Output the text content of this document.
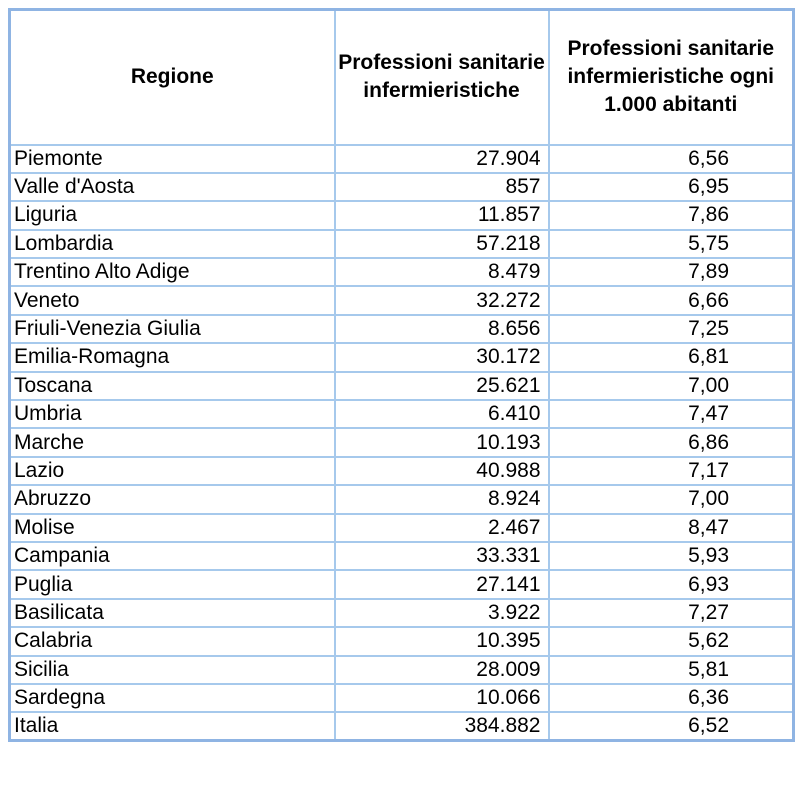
Regione	Professioni sanitarie infermieristiche	Professioni sanitarie infermieristiche ogni 1.000 abitanti
Piemonte	27.904	6,56
Valle d'Aosta	857	6,95
Liguria	11.857	7,86
Lombardia	57.218	5,75
Trentino Alto Adige	8.479	7,89
Veneto	32.272	6,66
Friuli-Venezia Giulia	8.656	7,25
Emilia-Romagna	30.172	6,81
Toscana	25.621	7,00
Umbria	6.410	7,47
Marche	10.193	6,86
Lazio	40.988	7,17
Abruzzo	8.924	7,00
Molise	2.467	8,47
Campania	33.331	5,93
Puglia	27.141	6,93
Basilicata	3.922	7,27
Calabria	10.395	5,62
Sicilia	28.009	5,81
Sardegna	10.066	6,36
Italia	384.882	6,52
